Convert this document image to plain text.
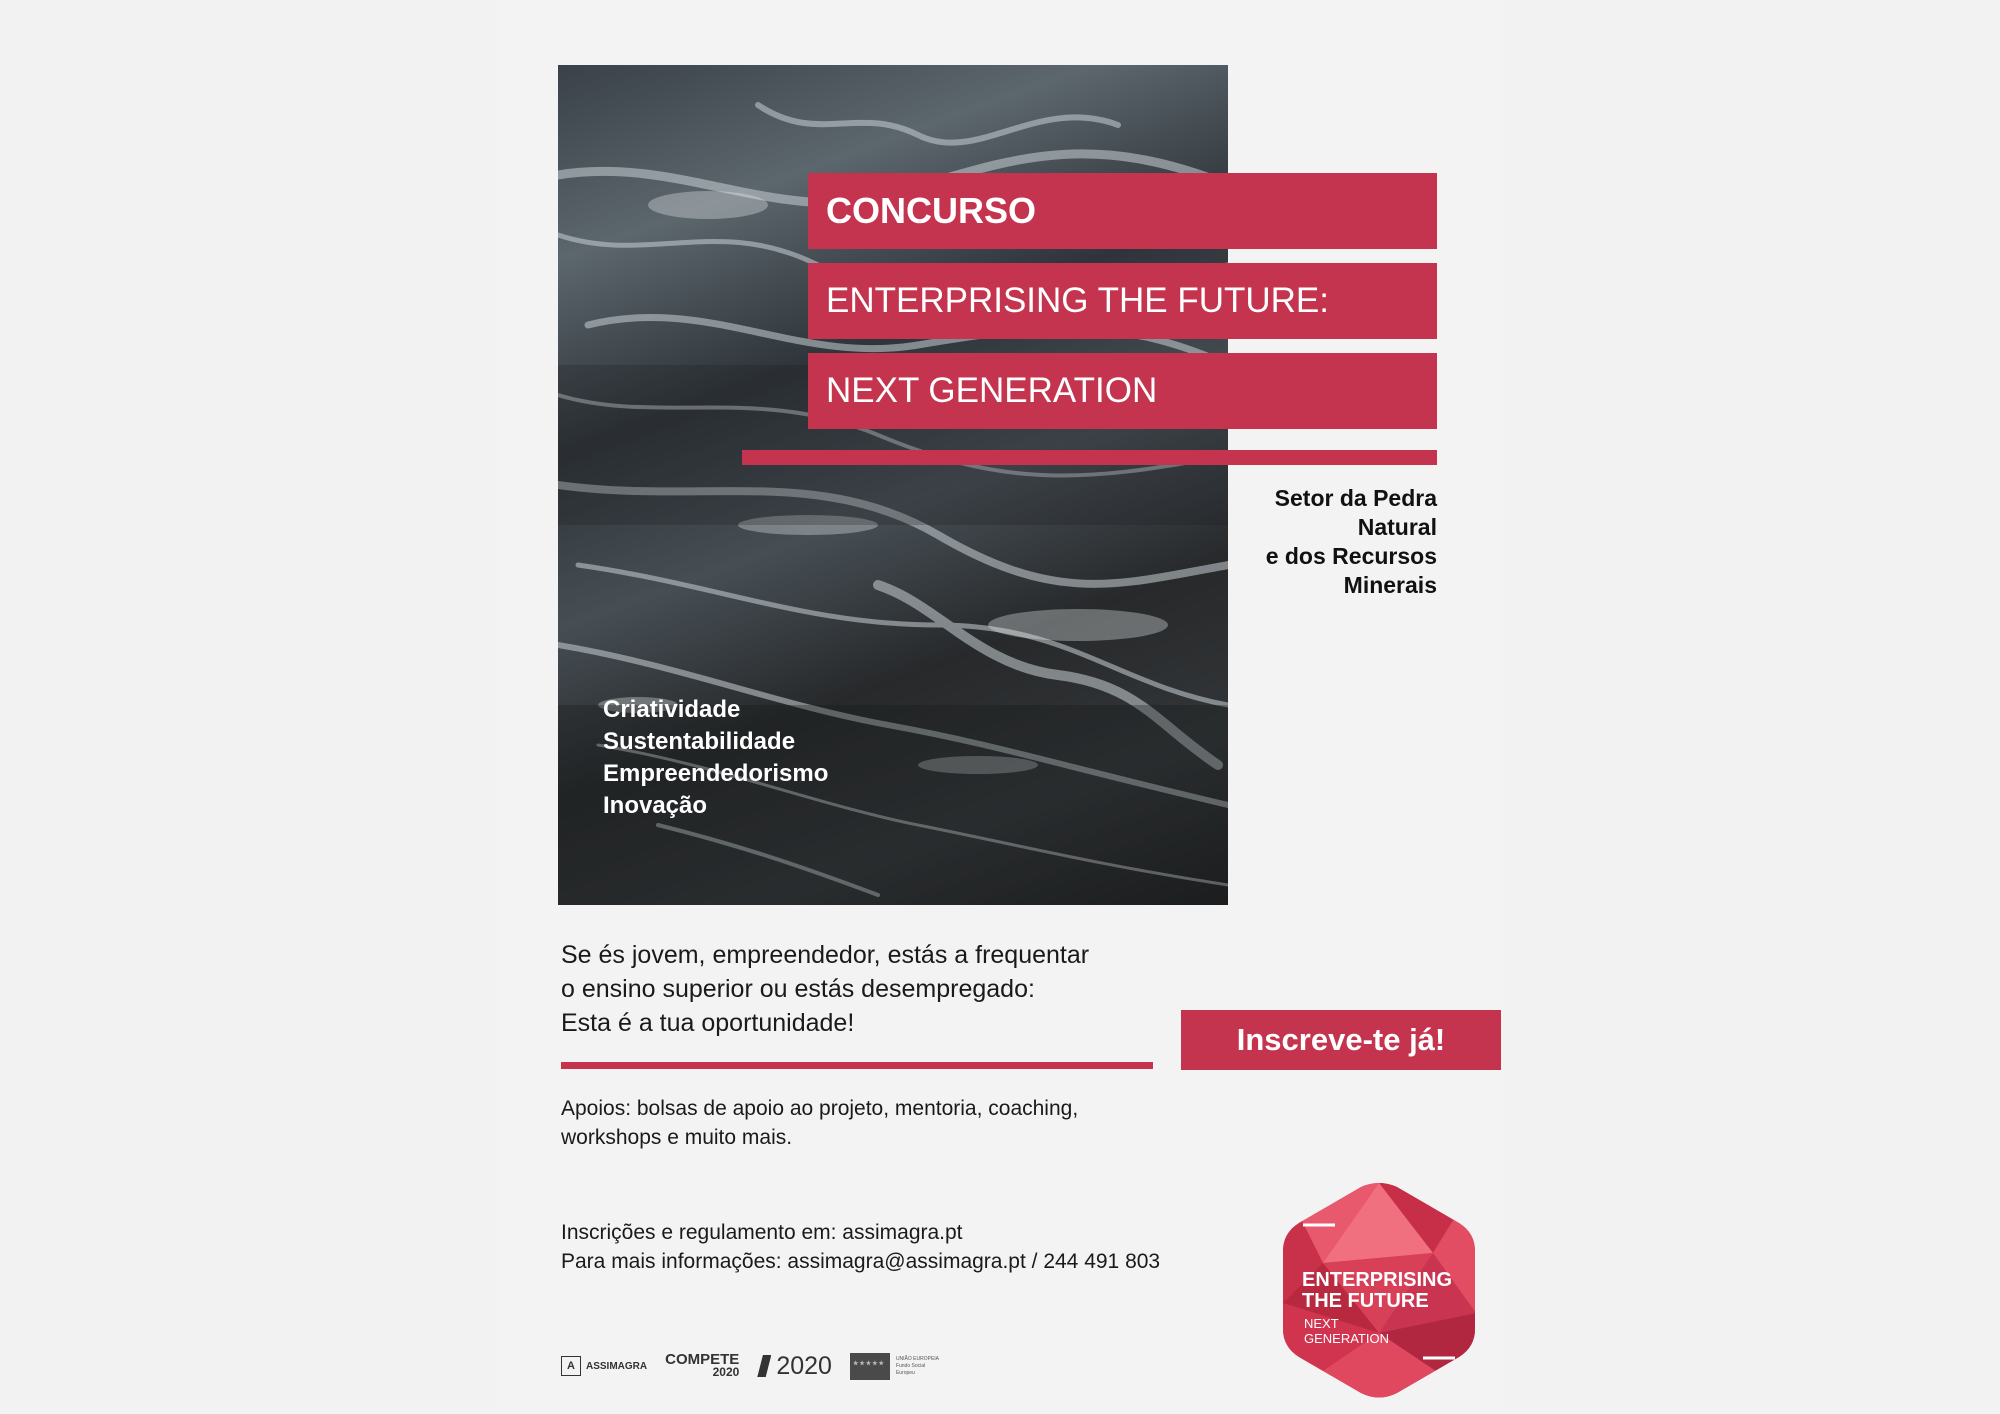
CONCURSO
ENTERPRISING THE FUTURE:
NEXT GENERATION
Setor da Pedra
Natural
e dos Recursos
Minerais
Criatividade
Sustentabilidade
Empreendedorismo
Inovação
Se és jovem, empreendedor, estás a frequentar
o ensino superior ou estás desempregado:
Esta é a tua oportunidade!	Inscreve-te já!
Apoios: bolsas de apoio ao projeto, mentoria, coaching,
workshops e muito mais.
Inscrições e regulamento em: assimagra.pt
Para mais informações: assimagra@assimagra.pt / 244 491 803
A	ASSIMAGRA COMPETE
2020 2020
★★★★★	UNIÃO EUROPEIA Fundo Social Europeu
ENTERPRISING
THE FUTURE
NEXT
GENERATION
